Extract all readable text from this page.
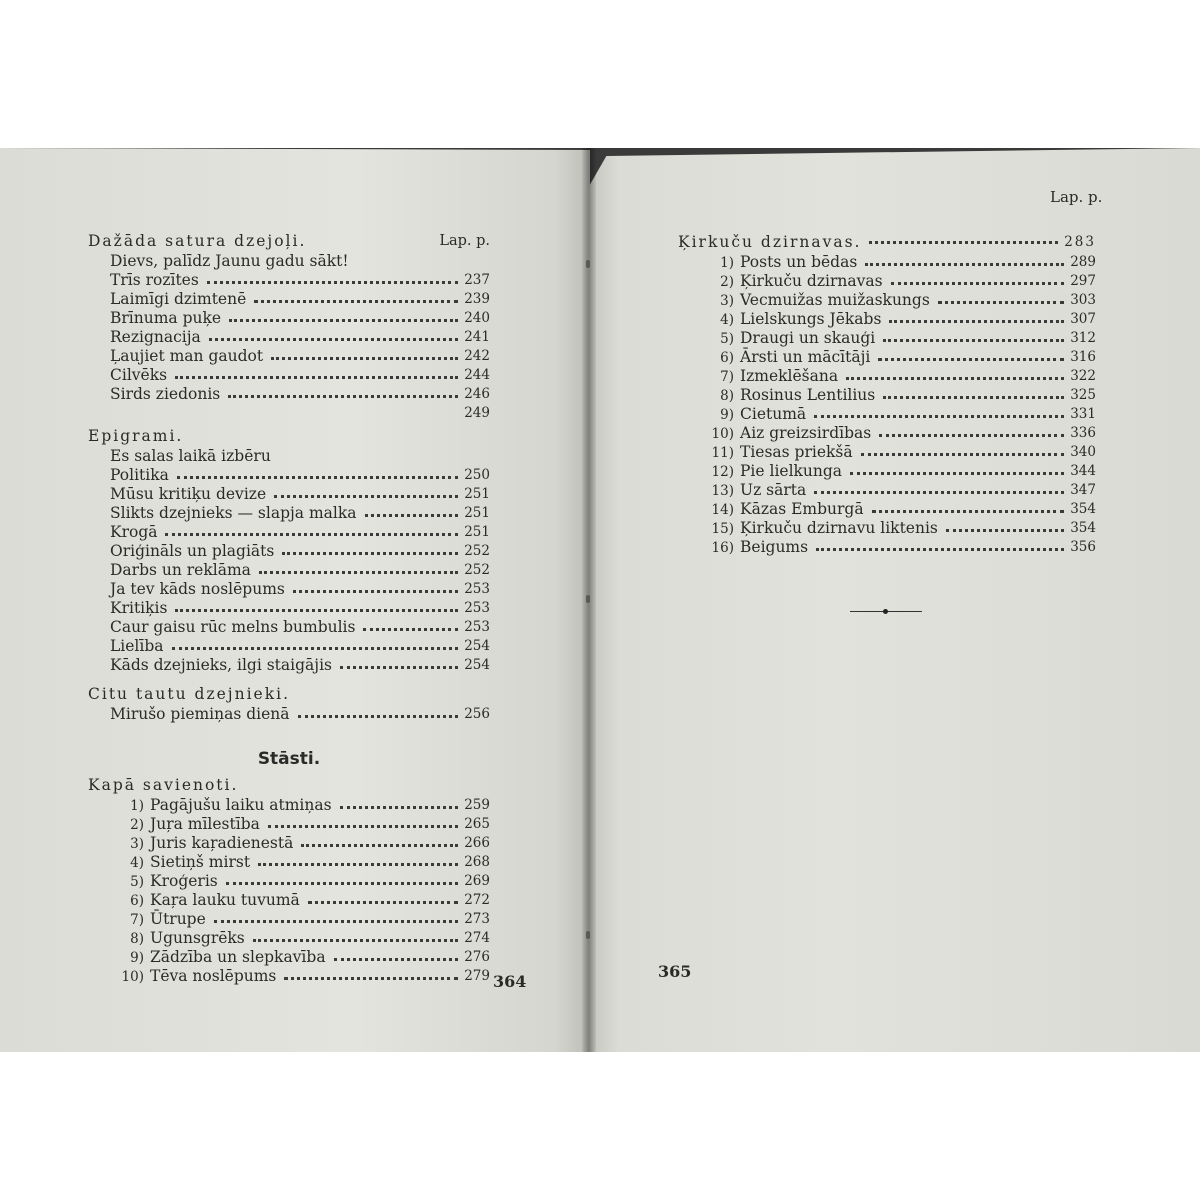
Dažāda satura dzejoļi.	Lap. p.
Dievs, palīdz Jaunu gadu sākt!
Trīs rozītes	237
Laimīgi dzimtenē	239
Brīnuma puķe	240
Rezignacija	241
Ļaujiet man gaudot	242
Cilvēks	244
Sirds ziedonis	246
249
Epigrami.
Es salas laikā izbēru
Politika	250
Mūsu kritiķu devize	251
Slikts dzejnieks — slapja malka	251
Krogā	251
Oriģināls un plagiāts	252
Darbs un reklāma	252
Ja tev kāds noslēpums	253
Kritiķis	253
Caur gaisu rūc melns bumbulis	253
Lielība	254
Kāds dzejnieks, ilgi staigājis	254
Citu tautu dzejnieki.
Mirušo piemiņas dienā	256
Stāsti.
Kapā savienoti.
1) Pagājušu laiku atmiņas	259
2) Juŗa mīlestība	265
3) Juris kaŗadienestā	266
4) Sietiņš mirst	268
5) Kroģeris	269
6) Kaŗa lauku tuvumā	272
7) Ūtrupe	273
8) Ugunsgrēks	274
9) Zādzība un slepkavība	276
10) Tēva noslēpums	279 364
Lap. p.
Ķirkuču dzirnavas.	283
1) Posts un bēdas	289
2) Ķirkuču dzirnavas	297
3) Vecmuižas muižaskungs	303
4) Lielskungs Jēkabs	307
5) Draugi un skauģi	312
6) Ārsti un mācītāji	316
7) Izmeklēšana	322
8) Rosinus Lentilius	325
9) Cietumā	331
10) Aiz greizsirdības	336
11) Tiesas priekšā	340
12) Pie lielkunga	344
13) Uz sārta	347
14) Kāzas Emburgā	354
15) Ķirkuču dzirnavu liktenis	354
16) Beigums	356
365
